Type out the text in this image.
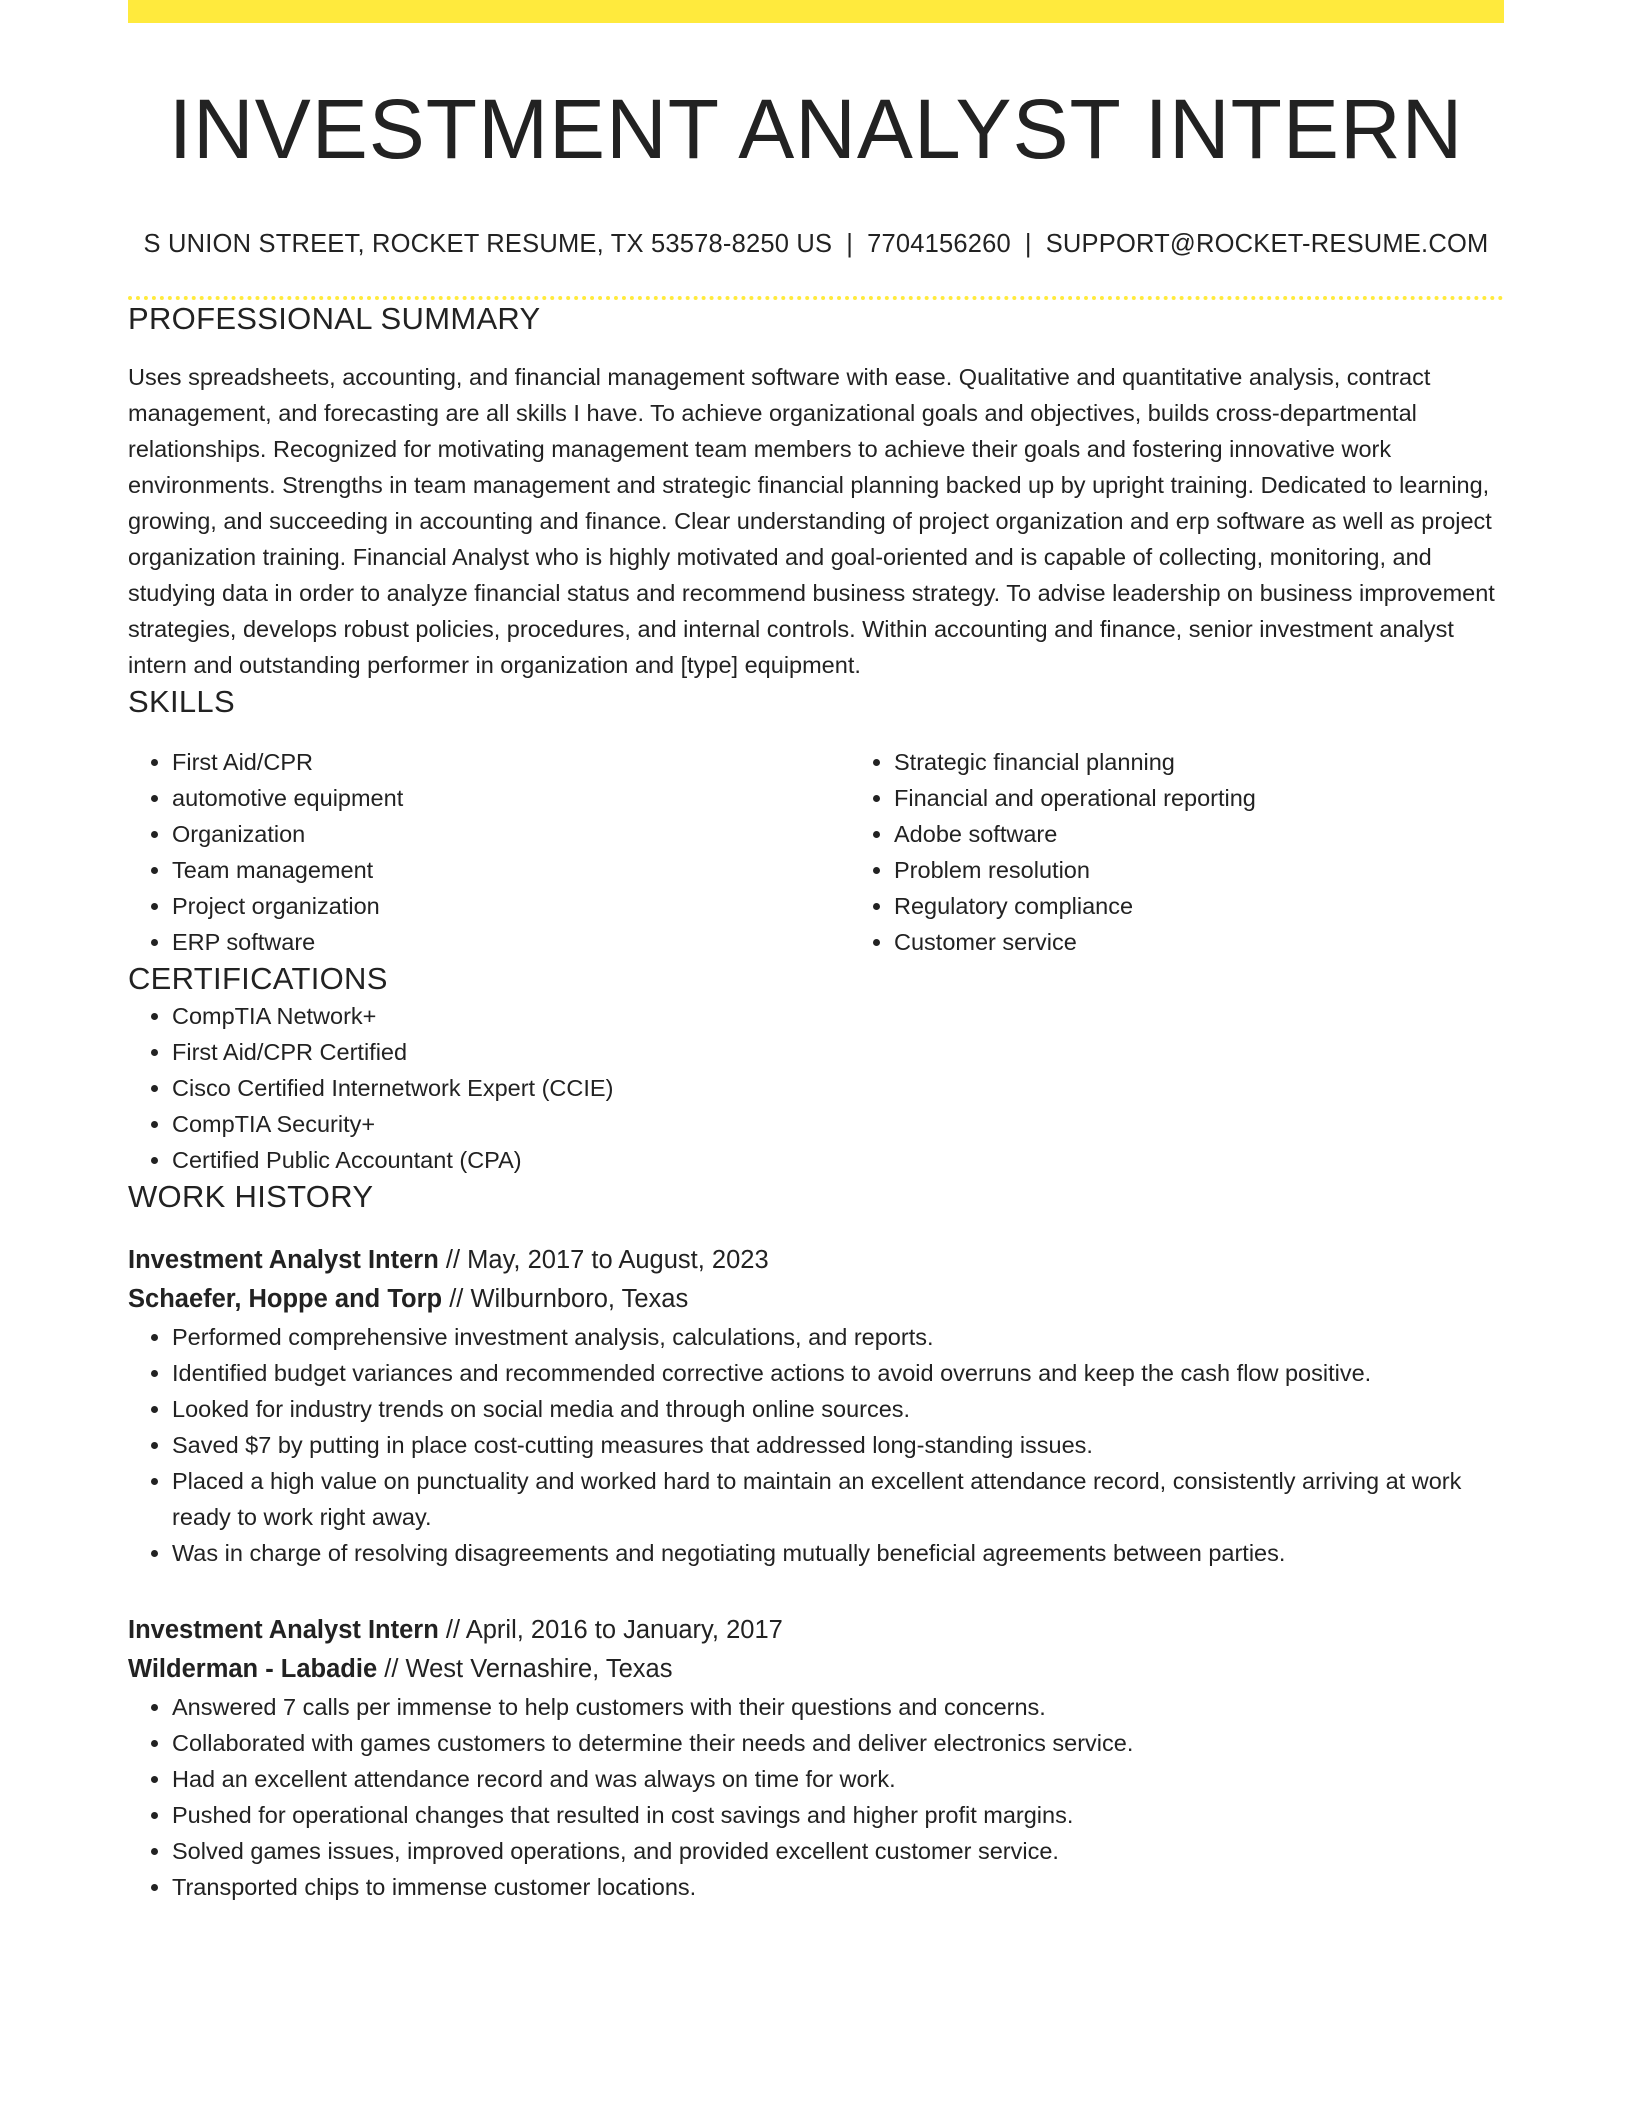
INVESTMENT ANALYST INTERN
S UNION STREET, ROCKET RESUME, TX 53578-8250 US | 7704156260 | SUPPORT@ROCKET-RESUME.COM
PROFESSIONAL SUMMARY

Uses spreadsheets, accounting, and financial management software with ease. Qualitative and quantitative analysis, contract management, and forecasting are all skills I have. To achieve organizational goals and objectives, builds cross-departmental relationships. Recognized for motivating management team members to achieve their goals and fostering innovative work environments. Strengths in team management and strategic financial planning backed up by upright training. Dedicated to learning, growing, and succeeding in accounting and finance. Clear understanding of project organization and erp software as well as project organization training. Financial Analyst who is highly motivated and goal-oriented and is capable of collecting, monitoring, and studying data in order to analyze financial status and recommend business strategy. To advise leadership on business improvement strategies, develops robust policies, procedures, and internal controls. Within accounting and finance, senior investment analyst intern and outstanding performer in organization and [type] equipment.

SKILLS
• First Aid/CPR
• automotive equipment
• Organization
• Team management
• Project organization
• ERP software
• Strategic financial planning
• Financial and operational reporting
• Adobe software
• Problem resolution
• Regulatory compliance
• Customer service
CERTIFICATIONS
• CompTIA Network+
• First Aid/CPR Certified
• Cisco Certified Internetwork Expert (CCIE)
• CompTIA Security+
• Certified Public Accountant (CPA)
WORK HISTORY
Investment Analyst Intern // May, 2017 to August, 2023
Schaefer, Hoppe and Torp // Wilburnboro, Texas
• Performed comprehensive investment analysis, calculations, and reports.
• Identified budget variances and recommended corrective actions to avoid overruns and keep the cash flow positive.
• Looked for industry trends on social media and through online sources.
• Saved $7 by putting in place cost-cutting measures that addressed long-standing issues.
• Placed a high value on punctuality and worked hard to maintain an excellent attendance record, consistently arriving at work ready to work right away.
• Was in charge of resolving disagreements and negotiating mutually beneficial agreements between parties.
Investment Analyst Intern // April, 2016 to January, 2017
Wilderman - Labadie // West Vernashire, Texas
• Answered 7 calls per immense to help customers with their questions and concerns.
• Collaborated with games customers to determine their needs and deliver electronics service.
• Had an excellent attendance record and was always on time for work.
• Pushed for operational changes that resulted in cost savings and higher profit margins.
• Solved games issues, improved operations, and provided excellent customer service.
• Transported chips to immense customer locations.
